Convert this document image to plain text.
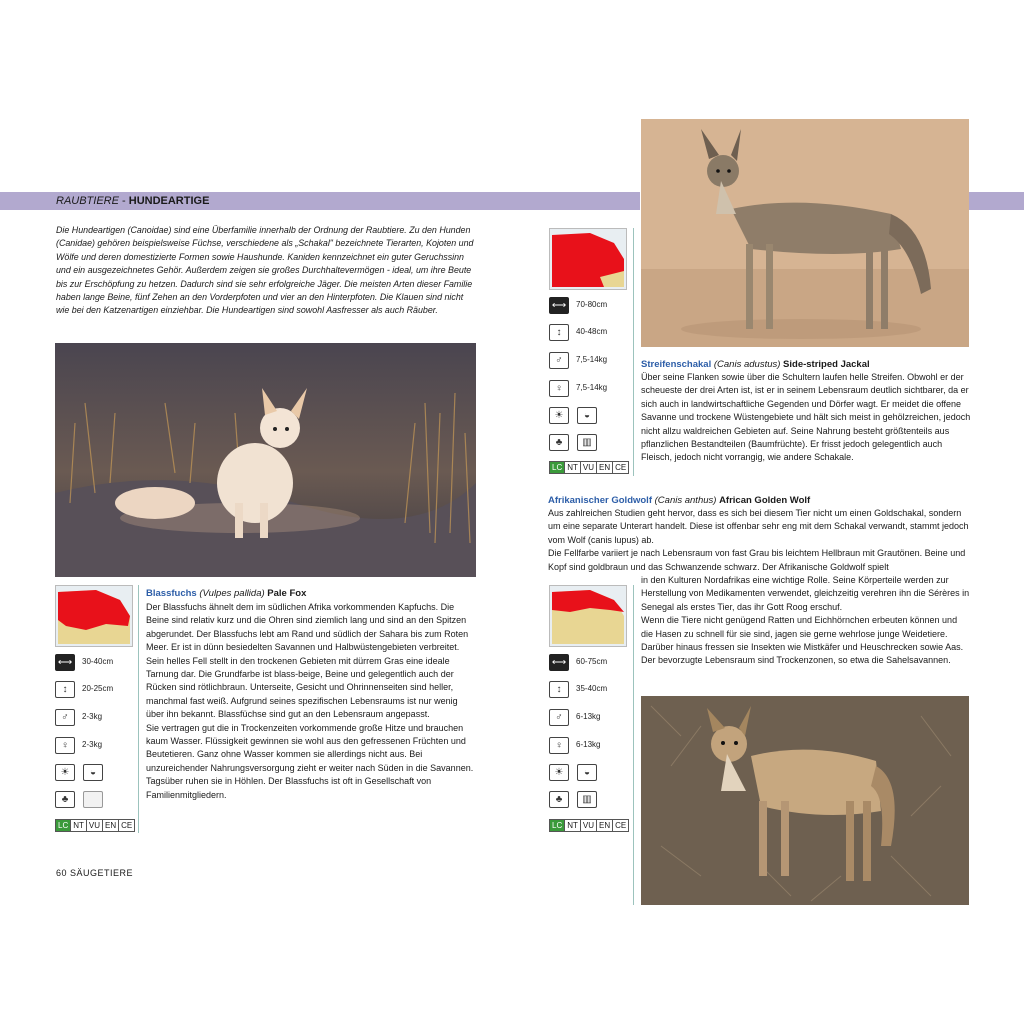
RAUBTIERE - HUNDEARTIGE

Die Hundeartigen (Canoidae) sind eine Überfamilie innerhalb der Ordnung der Raubtiere. Zu den Hunden (Canidae) gehören beispielsweise Füchse, verschiedene als „Schakal" bezeichnete Tierarten, Kojoten und Wölfe und deren domestizierte Formen sowie Haushunde. Kaniden kennzeichnet ein guter Geruchssinn und ein ausgezeichnetes Gehör. Außerdem zeigen sie großes Durchhaltevermögen - ideal, um ihre Beute bis zur Erschöpfung zu hetzen. Dadurch sind sie sehr erfolgreiche Jäger. Die meisten Arten dieser Familie haben lange Beine, fünf Zehen an den Vorderpfoten und vier an den Hinterpfoten. Die Klauen sind nicht wie bei den Katzenartigen einziehbar. Die Hundeartigen sind sowohl Aasfresser als auch Räuber.

⟷	30-40cm
↕	20-25cm
♂	2-3kg
♀	2-3kg
☀	◒
♣
LC NT VU EN CE
Blassfuchs (Vulpes pallida) Pale Fox

Der Blassfuchs ähnelt dem im südlichen Afrika vorkommenden Kapfuchs. Die Beine sind relativ kurz und die Ohren sind ziemlich lang und sind an den Spitzen abgerundet. Der Blassfuchs lebt am Rand und südlich der Sahara bis zum Roten Meer. Er ist in dünn besiedelten Savannen und Halbwüstengebieten verbreitet. Sein helles Fell stellt in den trockenen Gebieten mit dürrem Gras eine ideale Tarnung dar. Die Grundfarbe ist blass-beige, Beine und gelegentlich auch der Rücken sind rötlichbraun. Unterseite, Gesicht und Ohrinnenseiten sind heller, manchmal fast weiß. Aufgrund seines spezifischen Lebensraums ist nur wenig über ihn bekannt. Blassfüchse sind gut an den Lebensraum angepasst.

Sie vertragen gut die in Trockenzeiten vorkommende große Hitze und brauchen kaum Wasser. Flüssigkeit gewinnen sie wohl aus den gefressenen Früchten und Beutetieren. Ganz ohne Wasser kommen sie allerdings nicht aus. Bei unzureichender Nahrungsversorgung zieht er weiter nach Süden in die Savannen. Tagsüber ruhen sie in Höhlen. Der Blassfuchs ist oft in Gesellschaft von Familienmitgliedern.

⟷	70-80cm
↕	40-48cm
♂	7,5-14kg
♀	7,5-14kg
☀	◒
♣	▥
LC NT VU EN CE
Streifenschakal (Canis adustus) Side-striped Jackal

Über seine Flanken sowie über die Schultern laufen helle Streifen. Obwohl er der scheueste der drei Arten ist, ist er in seinem Lebensraum deutlich sichtbarer, da er sich auch in landwirtschaftliche Gegenden und Dörfer wagt. Er meidet die offene Savanne und trockene Wüstengebiete und hält sich meist in gehölzreichen, jedoch nicht allzu waldreichen Gebieten auf. Seine Nahrung besteht größtenteils aus pflanzlichen Bestandteilen (Baumfrüchte). Er frisst jedoch gelegentlich auch Fleisch, jedoch nicht vorrangig, wie andere Schakale.

Afrikanischer Goldwolf (Canis anthus) African Golden Wolf

Aus zahlreichen Studien geht hervor, dass es sich bei diesem Tier nicht um einen Goldschakal, sondern um eine separate Unterart handelt. Diese ist offenbar sehr eng mit dem Schakal verwandt, stammt jedoch vom Wolf (canis lupus) ab.

Die Fellfarbe variiert je nach Lebensraum von fast Grau bis leichtem Hellbraun mit Grautönen. Beine und Kopf sind goldbraun und das Schwanzende schwarz. Der Afrikanische Goldwolf spielt

⟷	60-75cm
↕	35-40cm
♂	6-13kg
♀	6-13kg
☀	◒
♣	▥
LC NT VU EN CE

in den Kulturen Nordafrikas eine wichtige Rolle. Seine Körperteile werden zur Herstellung von Medikamenten verwendet, gleichzeitig verehren ihn die Sérères in Senegal als erstes Tier, das ihr Gott Roog erschuf.

Wenn die Tiere nicht genügend Ratten und Eichhörnchen erbeuten können und die Hasen zu schnell für sie sind, jagen sie gerne wehrlose junge Weidetiere. Darüber hinaus fressen sie Insekten wie Mistkäfer und Heuschrecken sowie Aas. Der bevorzugte Lebensraum sind Trockenzonen, so etwa die Sahelsavannen.

60 SÄUGETIERE
